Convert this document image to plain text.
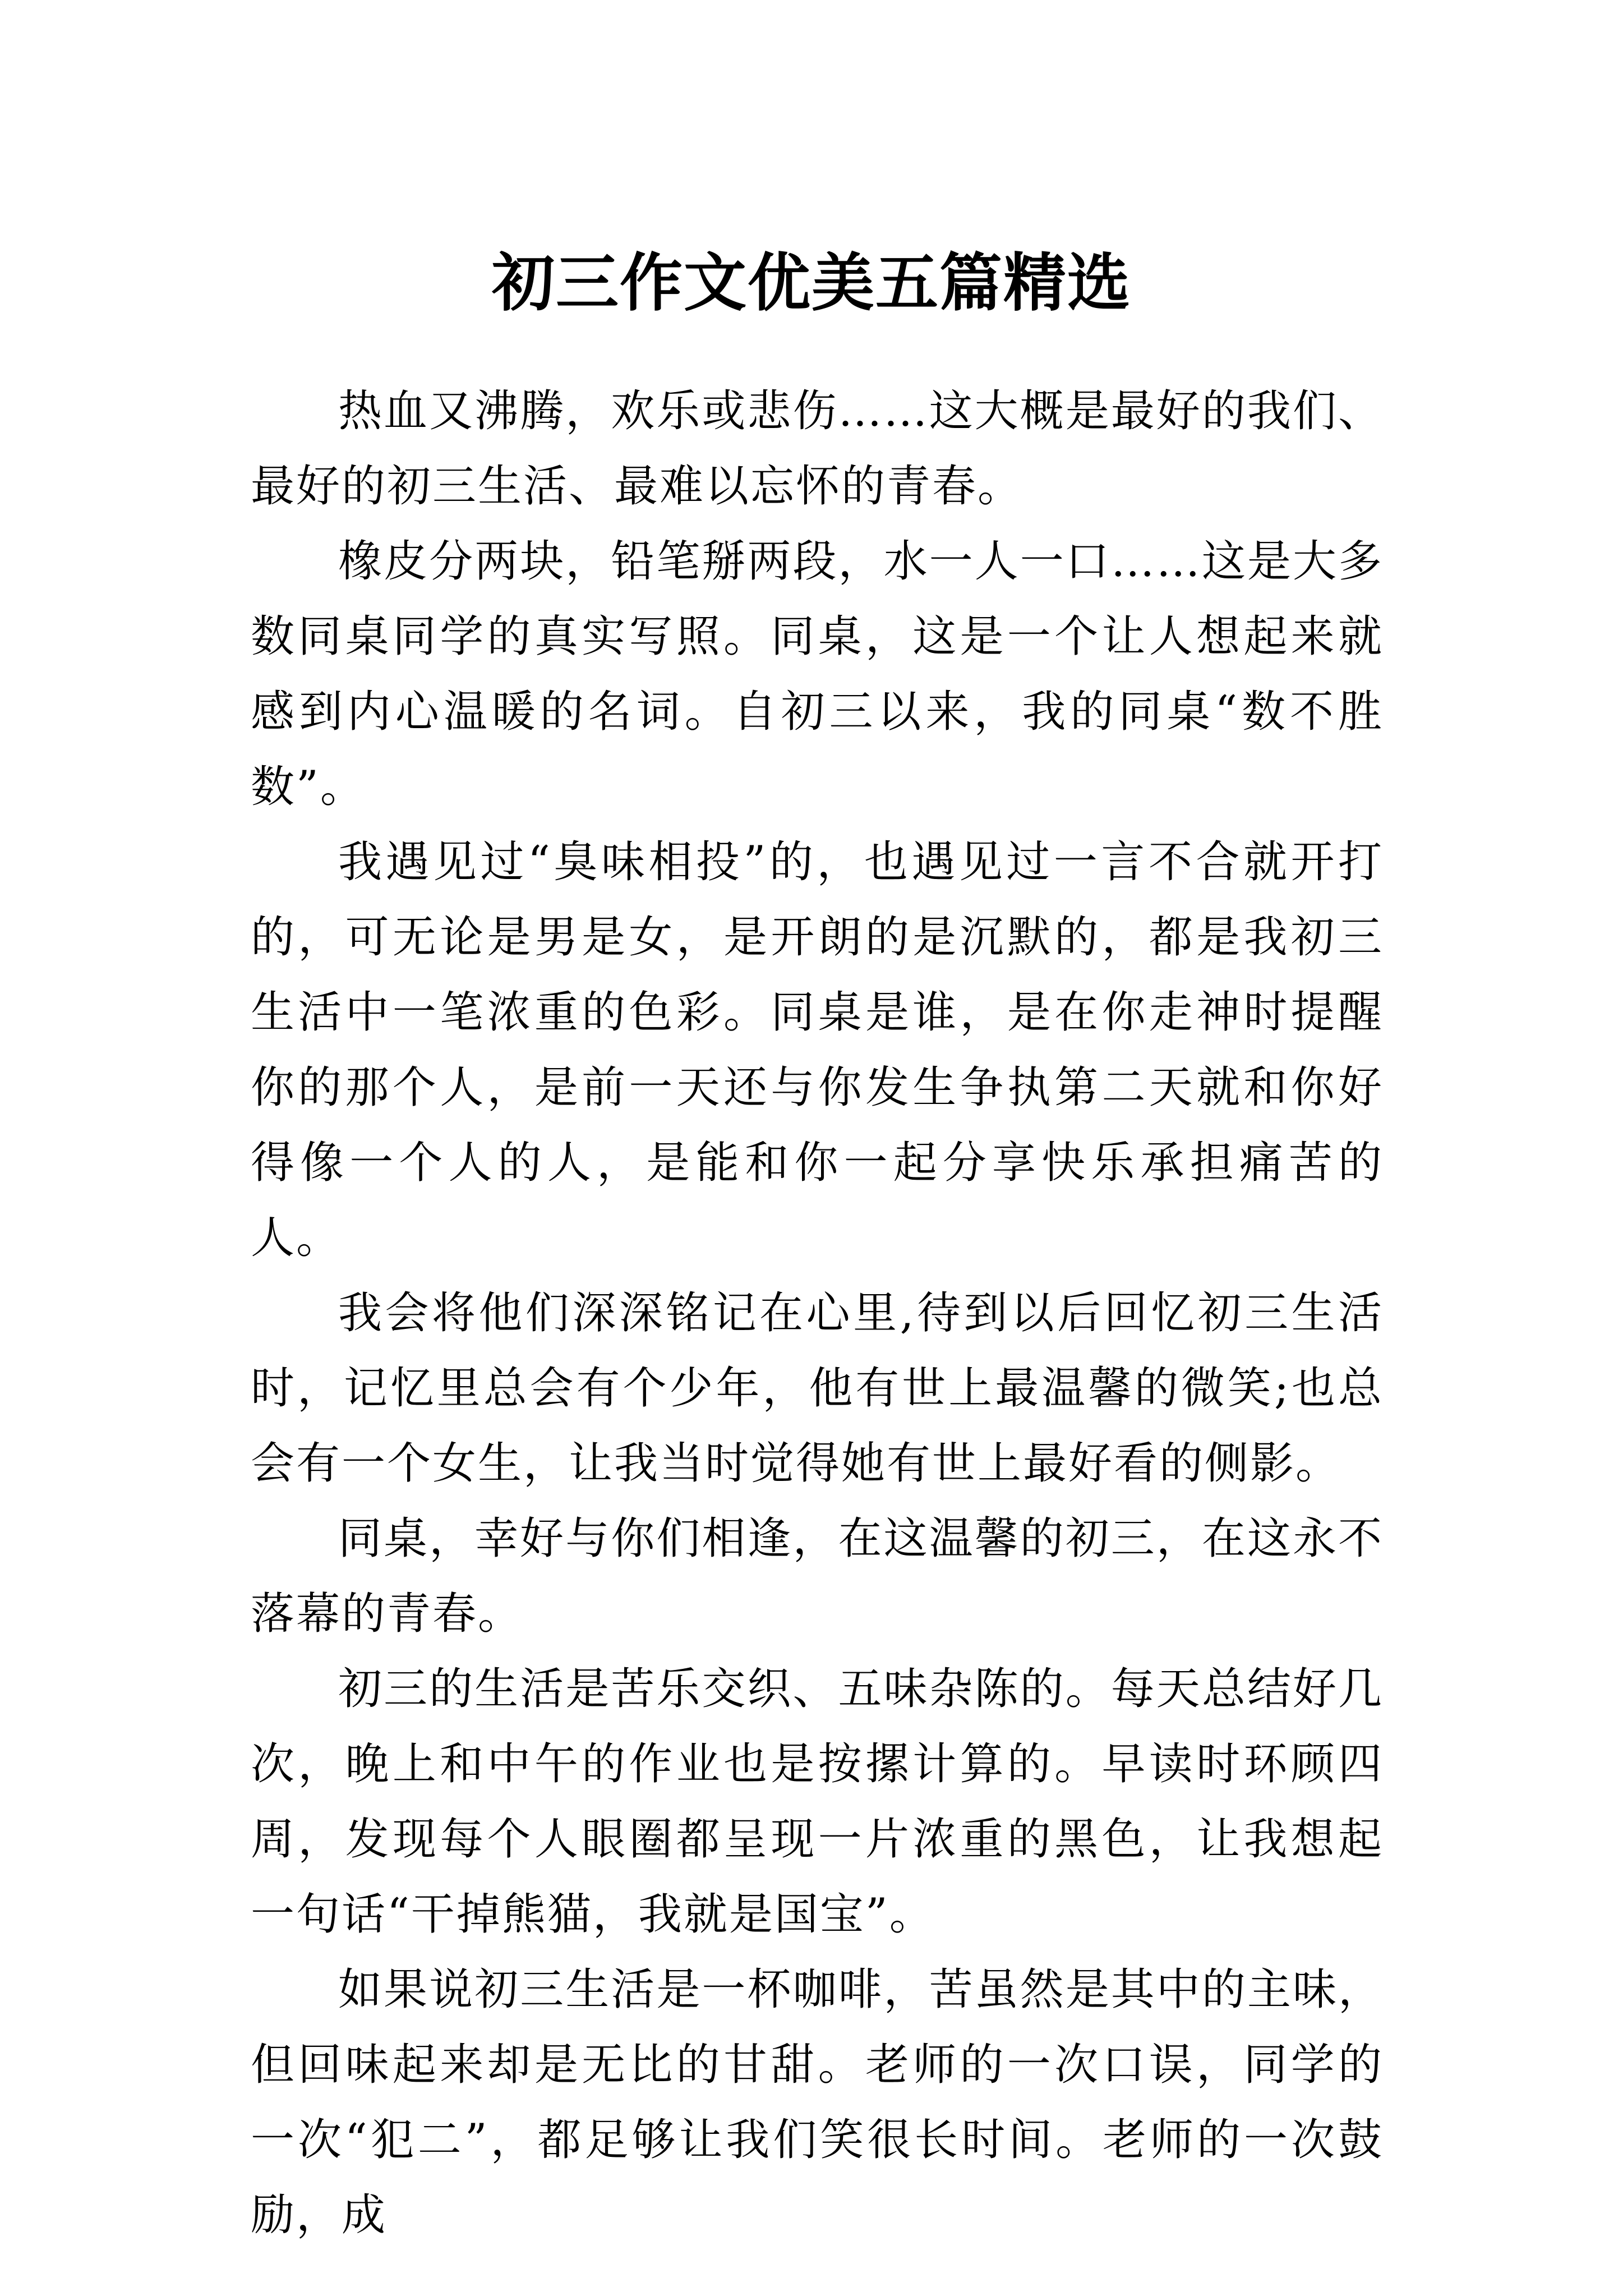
初三作文优美五篇精选

热血又沸腾，欢乐或悲伤……这大概是最好的我们、最好的初三生活、最难以忘怀的青春。

橡皮分两块，铅笔掰两段，水一人一口……这是大多数同桌同学的真实写照。同桌，这是一个让人想起来就感到内心温暖的名词。自初三以来，我的同桌“数不胜数”。

我遇见过“臭味相投”的，也遇见过一言不合就开打的，可无论是男是女，是开朗的是沉默的，都是我初三生活中一笔浓重的色彩。同桌是谁，是在你走神时提醒你的那个人，是前一天还与你发生争执第二天就和你好得像一个人的人，是能和你一起分享快乐承担痛苦的人。

我会将他们深深铭记在心里,待到以后回忆初三生活时，记忆里总会有个少年，他有世上最温馨的微笑;也总会有一个女生，让我当时觉得她有世上最好看的侧影。

同桌，幸好与你们相逢，在这温馨的初三，在这永不落幕的青春。

初三的生活是苦乐交织、五味杂陈的。每天总结好几次，晚上和中午的作业也是按摞计算的。早读时环顾四周，发现每个人眼圈都呈现一片浓重的黑色，让我想起一句话“干掉熊猫，我就是国宝”。

如果说初三生活是一杯咖啡，苦虽然是其中的主味，但回味起来却是无比的甘甜。老师的一次口误，同学的一次“犯二”，都足够让我们笑很长时间。老师的一次鼓励，成
